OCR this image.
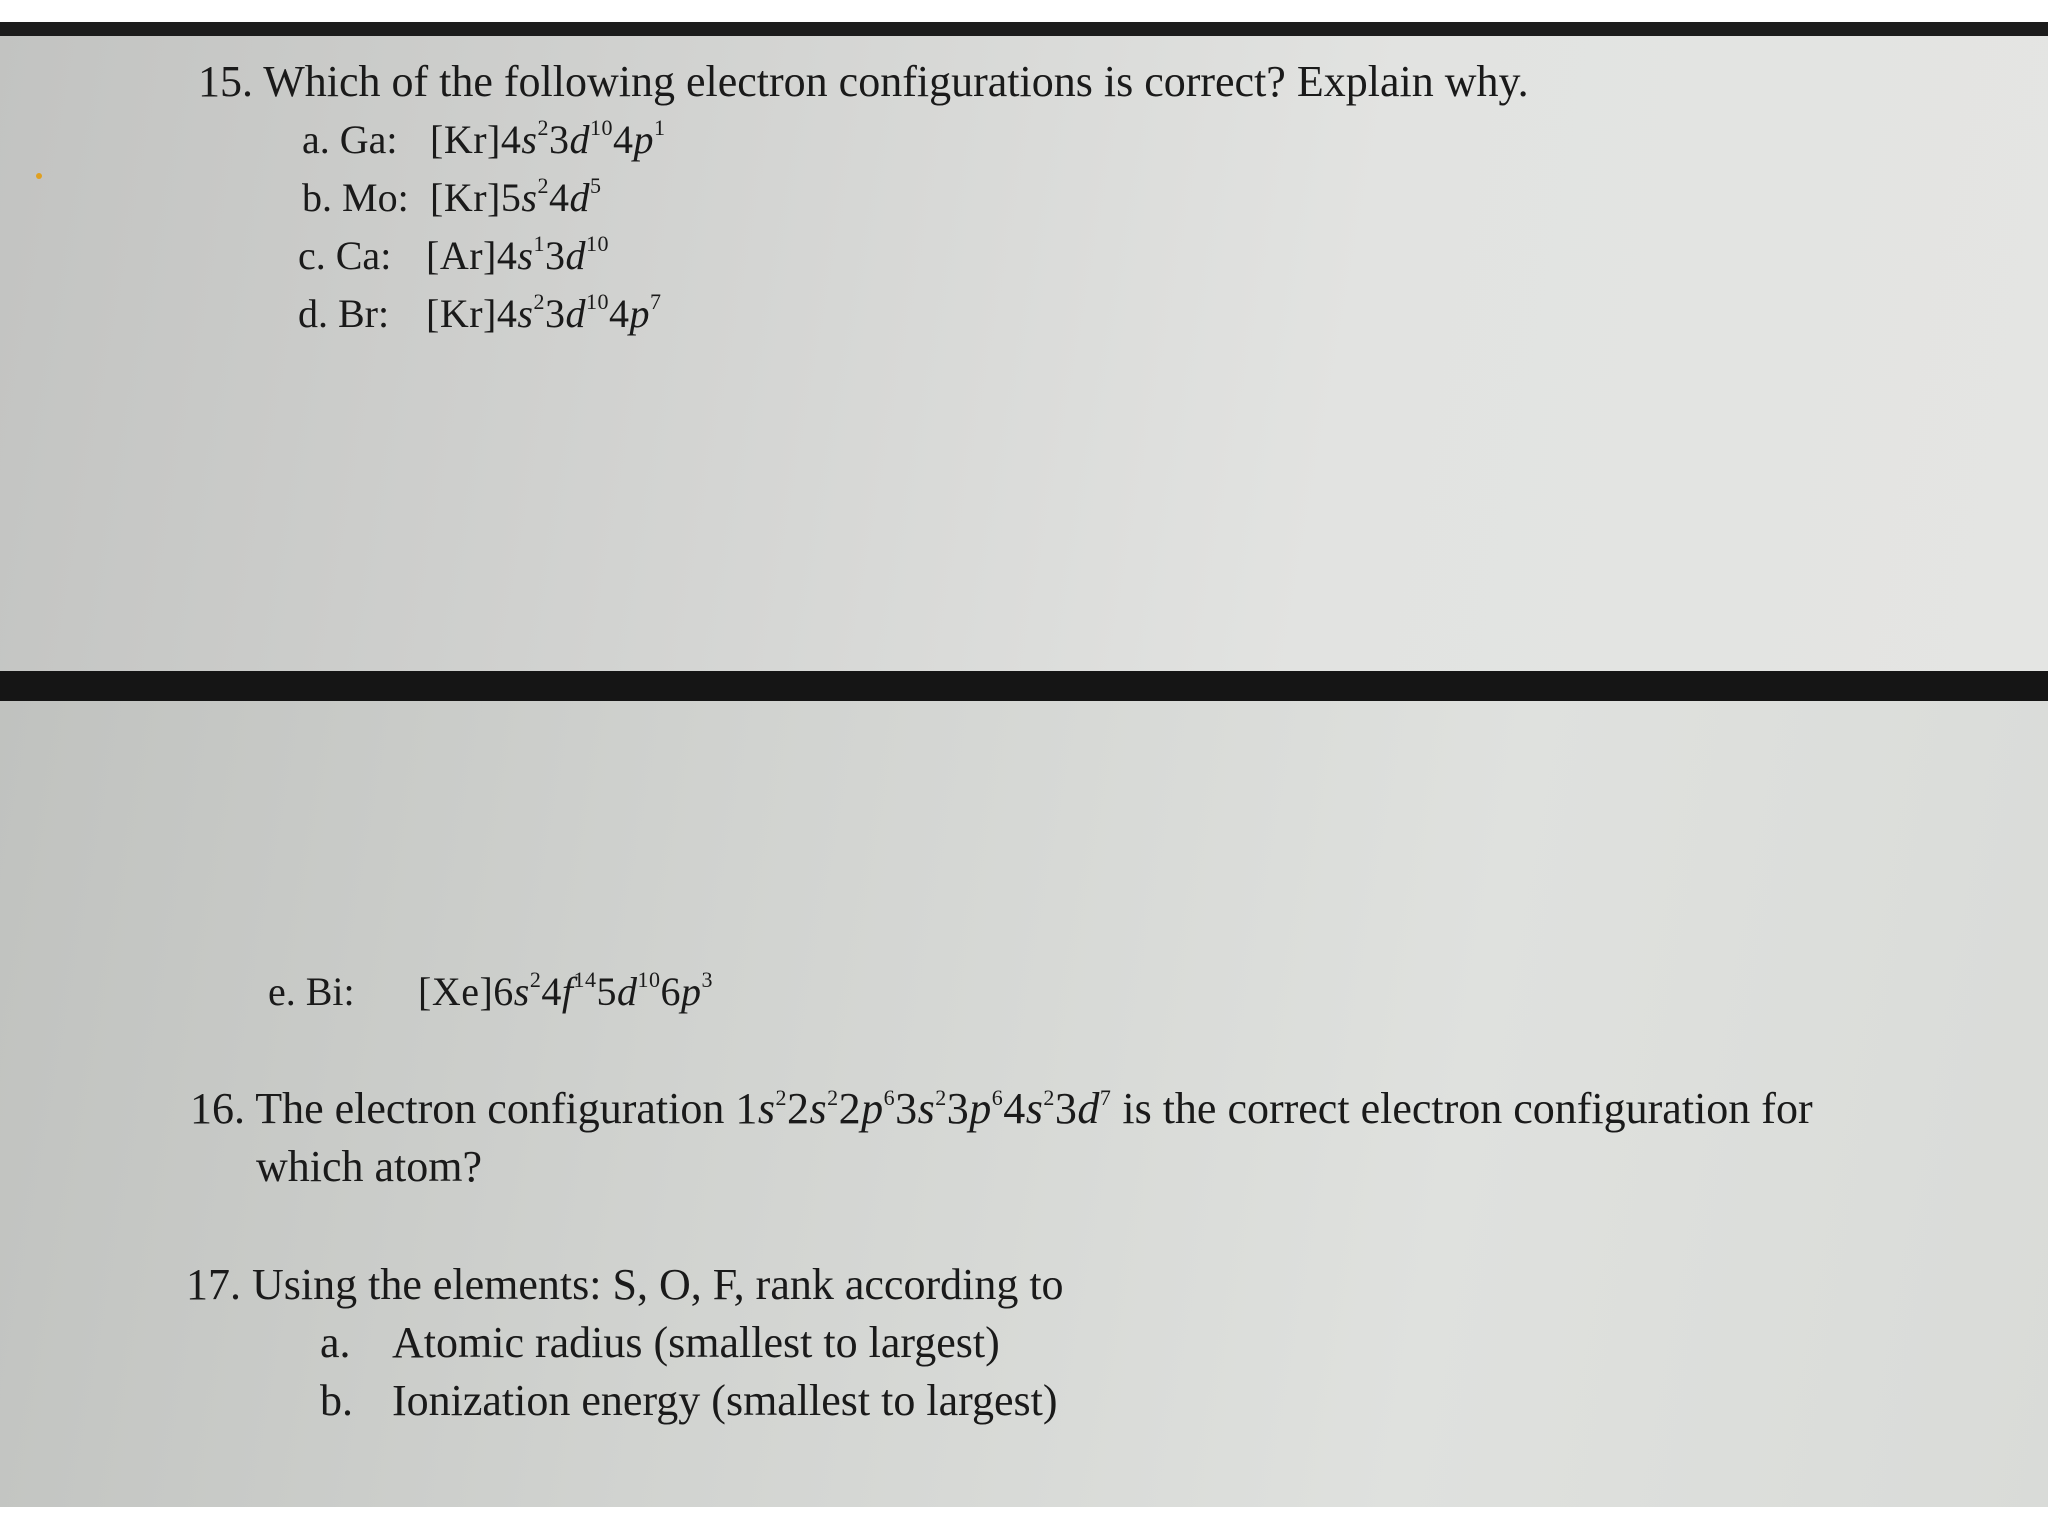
15. Which of the following electron configurations is correct? Explain why.
a. Ga: $[Kr]4s^23d^{10}4p^1$
b. Mo: $[Kr]5s^24d^5$
c. Ca: $[Ar]4s^13d^{10}$
d. Br: $[Kr]4s^23d^{10}4p^7$
e. Bi: $[Xe]6s^24f^{14}5d^{10}6p^3$
16. The electron configuration $1s^22s^22p^63s^23p^64s^23d^7$ is the correct electron configuration for
which atom?
17. Using the elements: S, O, F, rank according to
a. Atomic radius (smallest to largest)
b. Ionization energy (smallest to largest)
